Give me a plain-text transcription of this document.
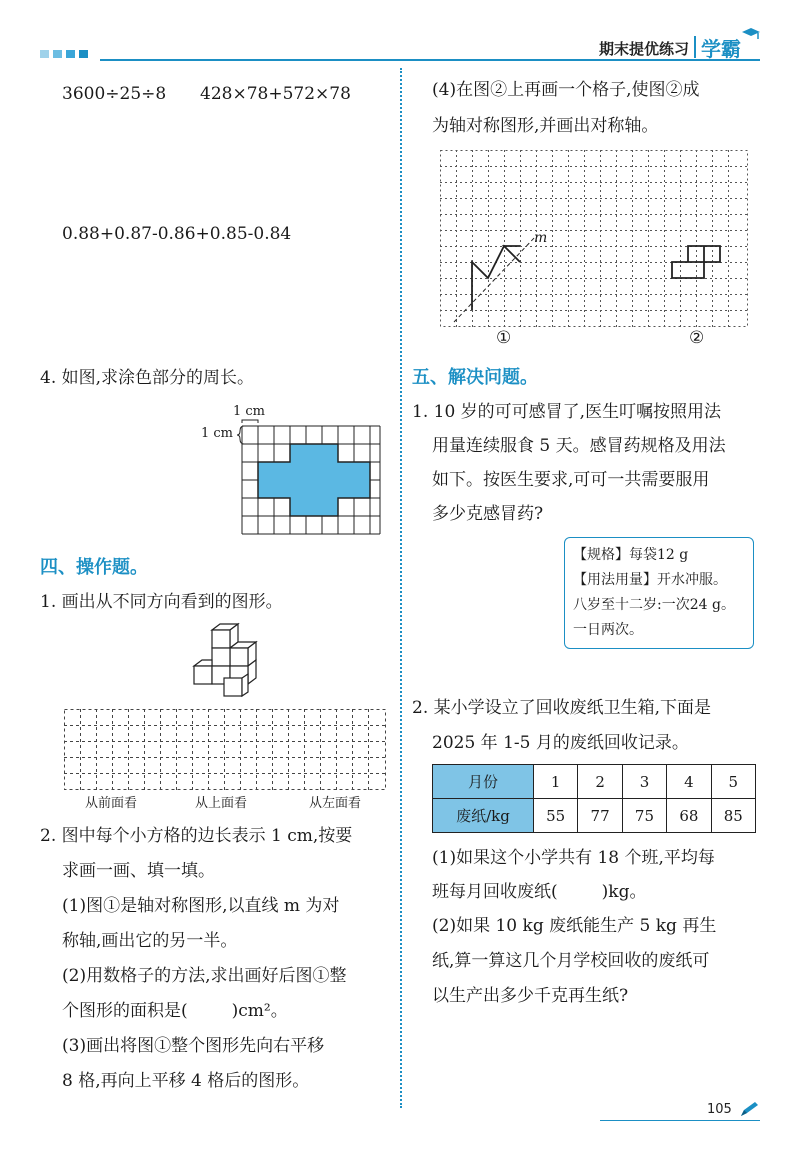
期末提优练习 学霸
3600÷25÷8 428×78+572×78
0.88+0.87-0.86+0.85-0.84
4. 如图,求涂色部分的周长。
1 cm
1 cm
四、操作题。
1. 画出从不同方向看到的图形。
从前面看	从上面看	从左面看
2. 图中每个小方格的边长表示 1 cm,按要
求画一画、填一填。
(1)图①是轴对称图形,以直线 m 为对
称轴,画出它的另一半。
(2)用数格子的方法,求出画好后图①整
个图形的面积是(	)cm²。
(3)画出将图①整个图形先向右平移
8 格,再向上平移 4 格后的图形。
(4)在图②上再画一个格子,使图②成
为轴对称图形,并画出对称轴。
m
①	②
五、解决问题。
1. 10 岁的可可感冒了,医生叮嘱按照用法
用量连续服食 5 天。感冒药规格及用法
如下。按医生要求,可可一共需要服用
多少克感冒药?
【规格】每袋12 g
【用法用量】开水冲服。
八岁至十二岁:一次24 g。
一日两次。
2. 某小学设立了回收废纸卫生箱,下面是
2025 年 1-5 月的废纸回收记录。
月份	1	2	3	4	5
废纸/kg	55	77	75	68	85
(1)如果这个小学共有 18 个班,平均每
班每月回收废纸(	)kg。
(2)如果 10 kg 废纸能生产 5 kg 再生
纸,算一算这几个月学校回收的废纸可
以生产出多少千克再生纸?
105
